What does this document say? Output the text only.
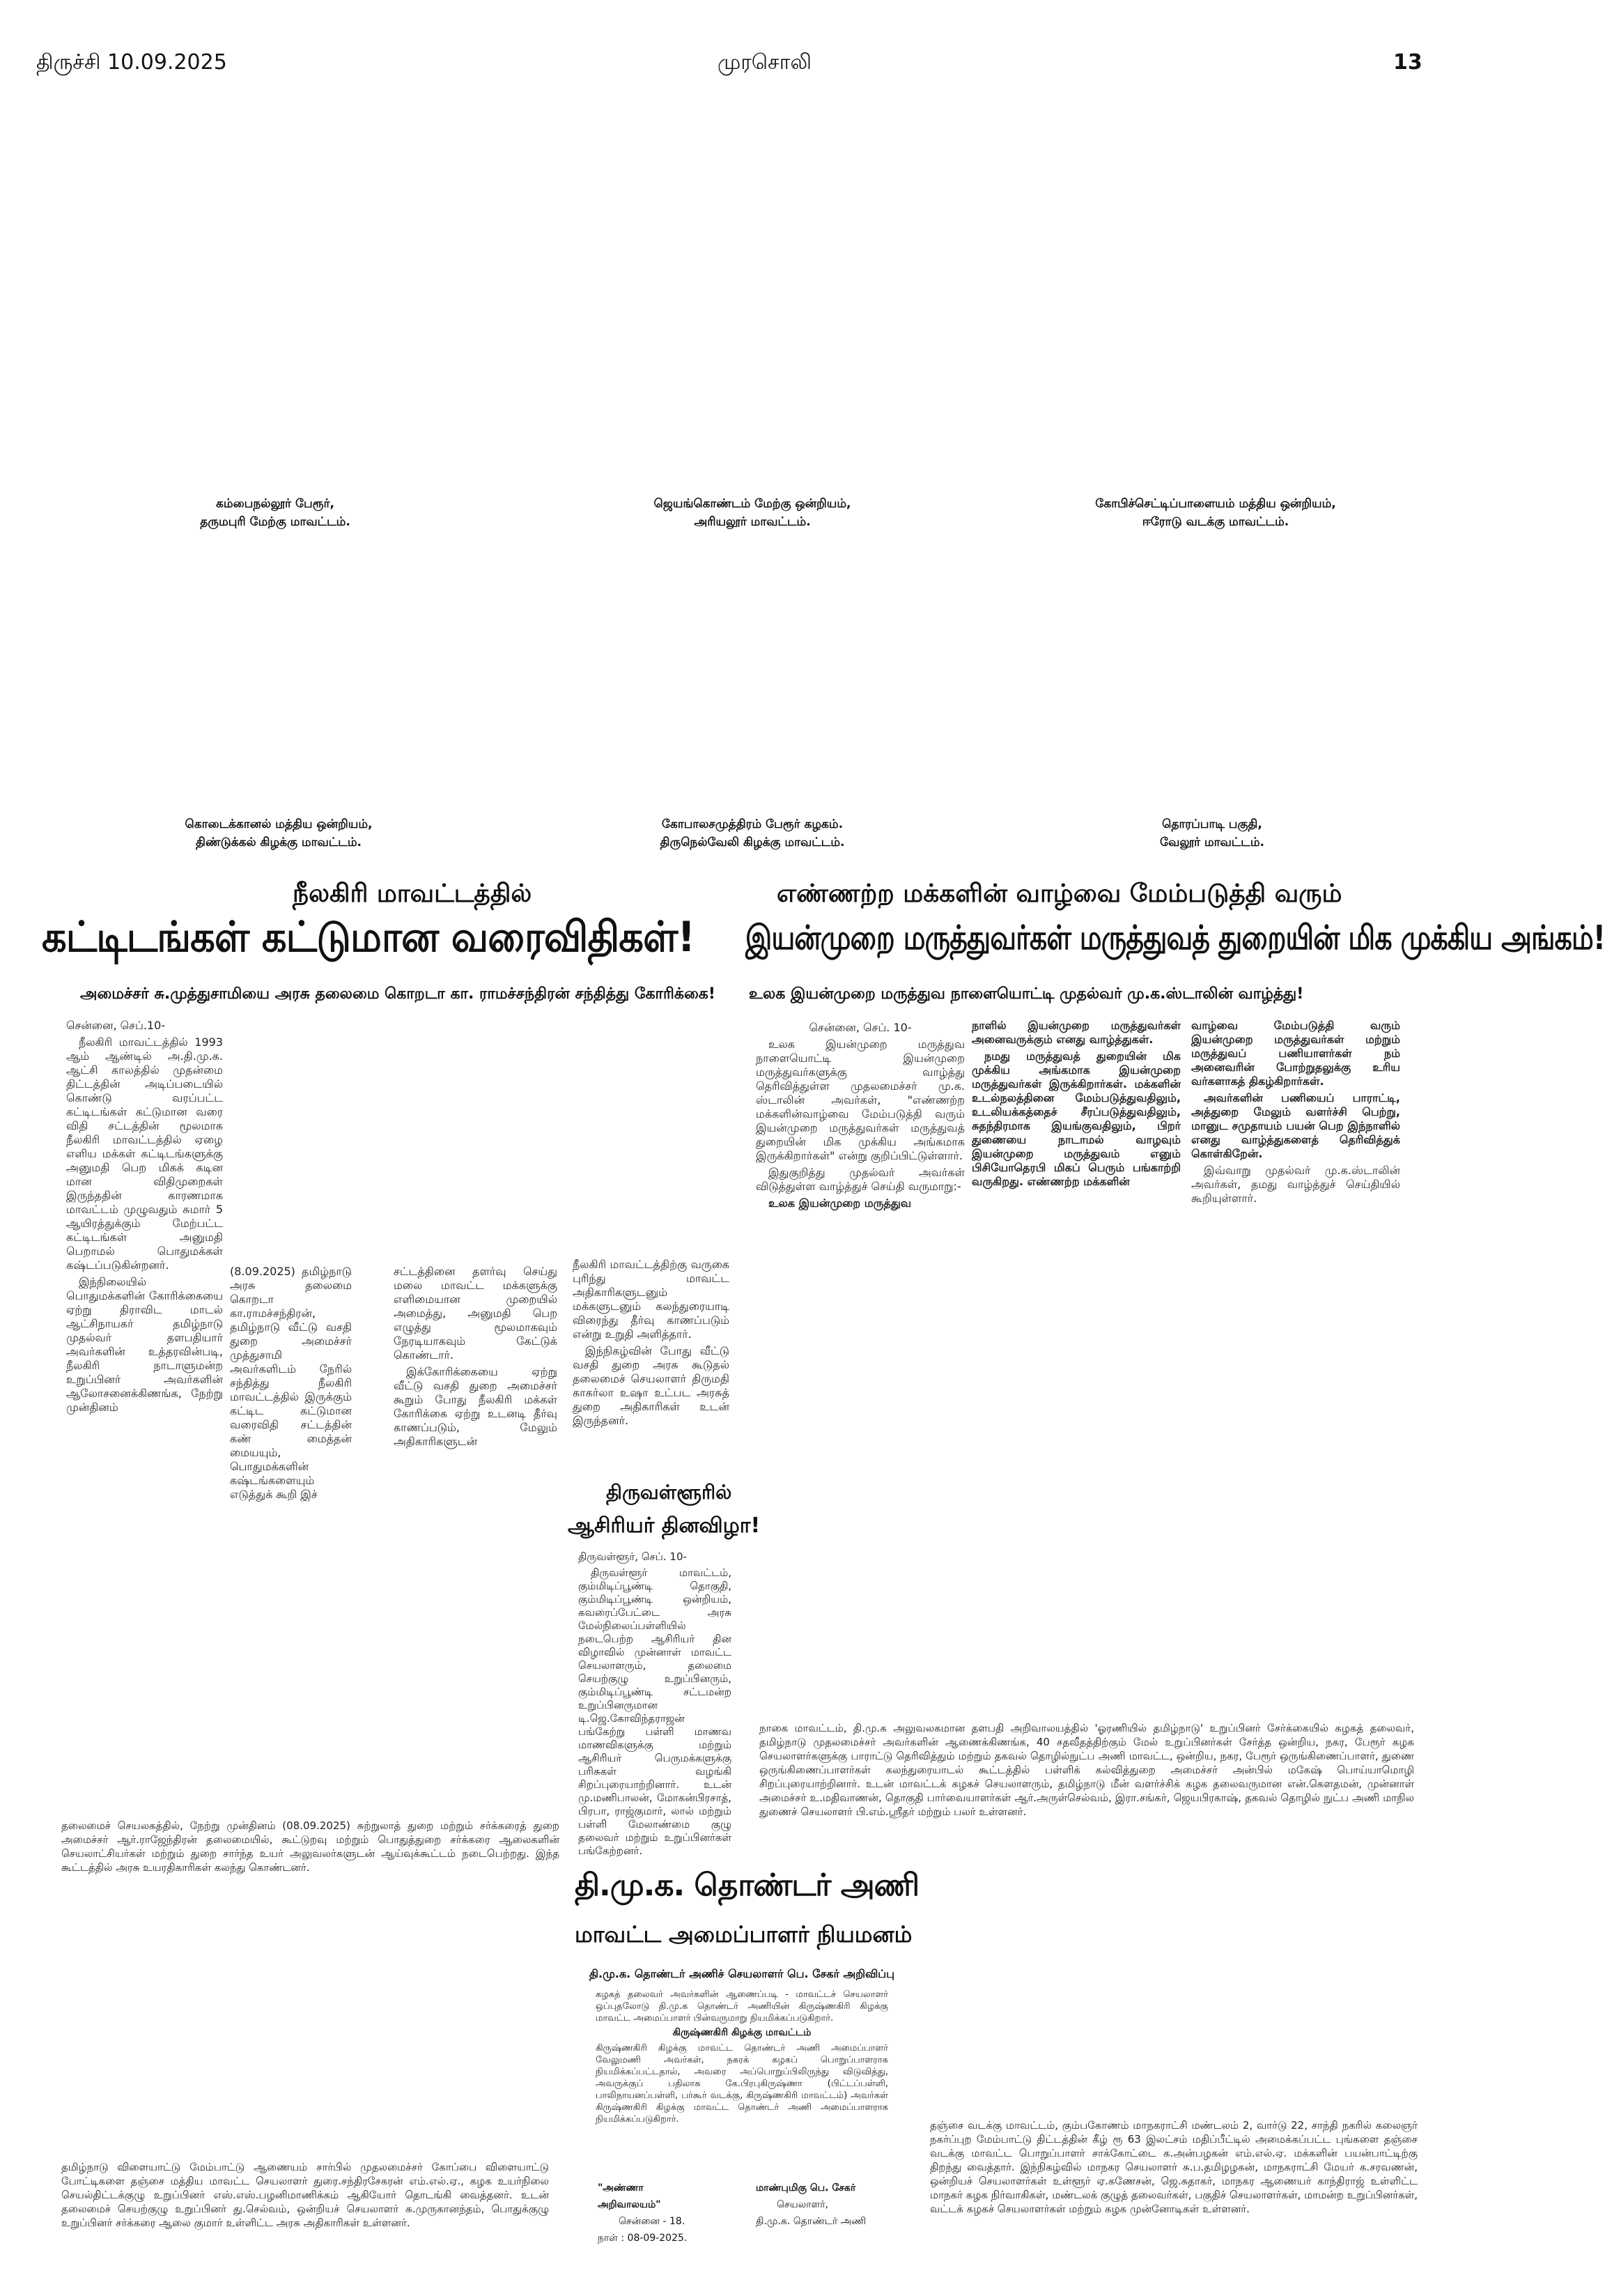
திருச்சி 10.09.2025	முரசொலி	13
கம்பைநல்லூர் பேரூர்,
தருமபுரி மேற்கு மாவட்டம்.
ஜெயங்கொண்டம் மேற்கு ஒன்றியம்,
அரியலூர் மாவட்டம்.
கோபிச்செட்டிப்பாளையம் மத்திய ஒன்றியம்,
ஈரோடு வடக்கு மாவட்டம்.
கொடைக்கானல் மத்திய ஒன்றியம்,
திண்டுக்கல் கிழக்கு மாவட்டம்.
கோபாலசமுத்திரம் பேரூர் கழகம்.
திருநெல்வேலி கிழக்கு மாவட்டம்.
தொரப்பாடி பகுதி,
வேலூர் மாவட்டம்.
நீலகிரி மாவட்டத்தில்
கட்டிடங்கள் கட்டுமான வரைவிதிகள்!
அமைச்சர் சு.முத்துசாமியை அரசு தலைமை கொறடா கா. ராமச்சந்திரன் சந்தித்து கோரிக்கை!

சென்னை, செப்.10-

நீலகிரி மாவட்டத்தில் 1993 ஆம் ஆண்டில் அ.தி.மு.க. ஆட்சி காலத்தில் முதன்மை திட்டத்தின் அடிப்படையில் கொண்டு வரப்பட்ட கட்டிடங்கள் கட்டுமான வரை விதி சட்டத்தின் மூலமாக நீலகிரி மாவட்டத்தில் ஏழை எளிய மக்கள் கட்டிடங்களுக்கு அனுமதி பெற மிகக் கடின மான விதிமுறைகள் இருந்ததின் காரணமாக மாவட்டம் முழுவதும் சுமார் 5 ஆயிரத்துக்கும் மேற்பட்ட கட்டிடங்கள் அனுமதி பெறாமல் பொதுமக்கள் கஷ்டப்படுகின்றனர்.

இந்நிலையில் பொதுமக்களின் கோரிக்கையை ஏற்று திராவிட மாடல் ஆட்சிநாயகர் தமிழ்நாடு முதல்வர் தளபதியார் அவர்களின் உத்தரவின்படி, நீலகிரி நாடாளுமன்ற உறுப்பினர் அவர்களின் ஆலோசனைக்கிணங்க, நேற்று முன்தினம்

(8.09.2025) தமிழ்நாடு அரசு தலைமை கொறடா கா.ராமச்சந்திரன், தமிழ்நாடு வீட்டு வசதி துறை அமைச்சர் முத்துசாமி அவர்களிடம் நேரில் சந்தித்து நீலகிரி மாவட்டத்தில் இருக்கும் கட்டிட கட்டுமான வரைவிதி சட்டத்தின் கண் மைத்தன் மையயும், பொதுமக்களின் கஷ்டங்களையும் எடுத்துக் கூறி இச்

சட்டத்தினை தளர்வு செய்து மலை மாவட்ட மக்களுக்கு எளிமையான முறையில் அமைத்து, அனுமதி பெற எழுத்து மூலமாகவும் நேரடியாகவும் கேட்டுக் கொண்டார்.

இக்கோரிக்கையை ஏற்று வீட்டு வசதி துறை அமைச்சர் கூறும் போது நீலகிரி மக்கள் கோரிக்கை ஏற்று உடனடி தீர்வு காணப்படும், மேலும் அதிகாரிகளுடன்

நீலகிரி மாவட்டத்திற்கு வருகை புரிந்து மாவட்ட அதிகாரிகளுடனும் மக்களுடனும் கலந்துரையாடி விரைந்து தீர்வு காணப்படும் என்று உறுதி அளித்தார்.

இந்நிகழ்வின் போது வீட்டு வசதி துறை அரசு கூடுதல் தலைமைச் செயலாளர் திருமதி காகர்லா உஷா உட்பட அரசுத் துறை அதிகாரிகள் உடன் இருந்தனர்.

எண்ணற்ற மக்களின் வாழ்வை மேம்படுத்தி வரும்
இயன்முறை மருத்துவர்கள் மருத்துவத் துறையின் மிக முக்கிய அங்கம்!
உலக இயன்முறை மருத்துவ நாளையொட்டி முதல்வர் மு.க.ஸ்டாலின் வாழ்த்து!

சென்னை, செப். 10-

உலக இயன்முறை மருத்துவ நாளையொட்டி இயன்முறை மருத்துவர்களுக்கு வாழ்த்து தெரிவித்துள்ள முதலமைச்சர் மு.க. ஸ்டாலின் அவர்கள், "எண்ணற்ற மக்களின்வாழ்வை மேம்படுத்தி வரும் இயன்முறை மருத்துவர்கள் மருத்துவத் துறையின் மிக முக்கிய அங்கமாக இருக்கிறார்கள்" என்று குறிப்பிட்டுள்ளார்.

இதுகுறித்து முதல்வர் அவர்கள் விடுத்துள்ள வாழ்த்துச் செய்தி வருமாறு:-

உலக இயன்முறை மருத்துவ

நாளில் இயன்முறை மருத்துவர்கள் அனைவருக்கும் எனது வாழ்த்துகள்.

நமது மருத்துவத் துறையின் மிக முக்கிய அங்கமாக இயன்முறை மருத்துவர்கள் இருக்கிறார்கள். மக்களின் உடல்நலத்தினை மேம்படுத்துவதிலும், உடலியக்கத்தைச் சீரப்படுத்துவதிலும், சுதந்திரமாக இயங்குவதிலும், பிறர் துணையை நாடாமல் வாழவும் இயன்முறை மருத்துவம் எனும் பிசியோதெரபி மிகப் பெரும் பங்காற்றி வருகிறது. எண்ணற்ற மக்களின்

வாழ்வை மேம்படுத்தி வரும் இயன்முறை மருத்துவர்கள் மற்றும் மருத்துவப் பணியாளர்கள் நம் அனைவரின் போற்றுதலுக்கு உரிய வர்களாகத் திகழ்கிறார்கள்.

அவர்களின் பணியைப் பாராட்டி, அத்துறை மேலும் வளர்ச்சி பெற்று, மானுட சமுதாயம் பயன் பெற இந்நாளில் எனது வாழ்த்துகளைத் தெரிவித்துக் கொள்கிறேன்.

இவ்வாறு முதல்வர் மு.க.ஸ்டாலின் அவர்கள், தமது வாழ்த்துச் செய்தியில் கூறியுள்ளார்.

திருவள்ளூரில்
ஆசிரியர் தினவிழா!

திருவள்ளூர், செப். 10-

திருவள்ளூர் மாவட்டம், கும்மிடிப்பூண்டி தொகுதி, கும்மிடிப்பூண்டி ஒன்றியம், கவரைப்பேட்டை அரசு மேல்நிலைப்பள்ளியில் நடைபெற்ற ஆசிரியர் தின விழாவில் முன்னாள் மாவட்ட செயலாளரும், தலைமை செயற்குழு உறுப்பினரும், கும்மிடிப்பூண்டி சட்டமன்ற உறுப்பினருமான டி.ஜெ.கோவிந்தராஜன் பங்கேற்று பள்ளி மாணவ மாணவிகளுக்கு மற்றும் ஆசிரியர் பெருமக்களுக்கு பரிசுகள் வழங்கி சிறப்புரையாற்றினார். உடன் மு.மணிபாலன், மோகன்பிரசாத், பிரபா, ராஜ்குமார், லால் மற்றும் பள்ளி மேலாண்மை குழு தலைவர் மற்றும் உறுப்பினர்கள் பங்கேற்றனர்.

தலைமைச் செயலகத்தில், நேற்று முன்தினம் (08.09.2025) சுற்றுலாத் துறை மற்றும் சர்க்கரைத் துறை அமைச்சர் ஆர்.ராஜேந்திரன் தலைமையில், கூட்டுறவு மற்றும் பொதுத்துறை சர்க்கரை ஆலைகளின் செயலாட்சியர்கள் மற்றும் துறை சார்ந்த உயர் அலுவலர்களுடன் ஆய்வுக்கூட்டம் நடைபெற்றது. இந்த கூட்டத்தில் அரசு உயரதிகாரிகள் கலந்து கொண்டனர்.
நாகை மாவட்டம், தி.மு.க அலுவலகமான தளபதி அறிவாலயத்தில் 'ஓரணியில் தமிழ்நாடு' உறுப்பினர் சேர்க்கையில் கழகத் தலைவர், தமிழ்நாடு முதலமைச்சர் அவர்களின் ஆணைக்கிணங்க, 40 சதவீதத்திற்கும் மேல் உறுப்பினர்கள் சேர்த்த ஒன்றிய, நகர, பேரூர் கழக செயலாளர்களுக்கு பாராட்டு தெரிவித்தும் மற்றும் தகவல் தொழில்நுட்ப அணி மாவட்ட, ஒன்றிய, நகர, பேரூர் ஒருங்கிணைப்பாளர், துணை ஒருங்கிணைப்பாளர்கள் கலந்துரையாடல் கூட்டத்தில் பள்ளிக் கல்வித்துறை அமைச்சர் அன்பில் மகேஷ் பொய்யாமொழி சிறப்புரையாற்றினார். உடன் மாவட்டக் கழகச் செயலாளரும், தமிழ்நாடு மீன் வளர்ச்சிக் கழக தலைவருமான என்.கௌதமன், முன்னாள் அமைச்சர் உ.மதிவாணன், தொகுதி பார்வையாளர்கள் ஆர்.அருள்செல்வம், இரா.சங்கர், ஜெயபிரகாஷ், தகவல் தொழில் நுட்ப அணி மாநில துணைச் செயலாளர் பி.எம்.ஸ்ரீதர் மற்றும் பலர் உள்ளனர்.
தி.மு.க. தொண்டர் அணி
மாவட்ட அமைப்பாளர் நியமனம்
தி.மு.க. தொண்டர் அணிச் செயலாளர் பெ. சேகர் அறிவிப்பு
கழகத் தலைவர் அவர்களின் ஆணைப்படி - மாவட்டச் செயலாளர் ஒப்புதலோடு தி.மு.க தொண்டர் அணியின் கிருஷ்ணகிரி கிழக்கு மாவட்ட அமைப்பாளர் பின்வருமாறு நியமிக்கப்படுகிறார்.
கிருஷ்ணகிரி கிழக்கு மாவட்டம்
கிருஷ்ணகிரி கிழக்கு மாவட்ட தொண்டர் அணி அமைப்பாளர் வேலுமணி அவர்கள், நகரக் கழகப் பொறுப்பாளராக நியமிக்கப்பட்டதால், அவரை அப்பொறுப்பிலிருந்து விடுவித்து, அவருக்குப் பதிலாக கே.பிரபுகிருஷ்ணா (பிட்டப்பள்ளி, பாலிநாயனப்பள்ளி, பர்கூர் வடக்கு, கிருஷ்ணகிரி மாவட்டம்) அவர்கள் கிருஷ்ணகிரி கிழக்கு மாவட்ட தொண்டர் அணி அமைப்பாளராக நியமிக்கப்படுகிறார்.
"அண்ணா அறிவாலயம்"
சென்னை - 18.
நாள் : 08-09-2025.
மாண்புமிகு பெ. சேகர்
செயலாளர்,
தி.மு.க. தொண்டர் அணி
தமிழ்நாடு விளையாட்டு மேம்பாட்டு ஆணையம் சார்பில் முதலமைச்சர் கோப்பை விளையாட்டு போட்டிகளை தஞ்சை மத்திய மாவட்ட செயலாளர் துரை.சந்திரசேகரன் எம்.எல்.ஏ., கழக உயர்நிலை செயல்திட்டக்குழு உறுப்பினர் எஸ்.எஸ்.பழனிமாணிக்கம் ஆகியோர் தொடங்கி வைத்தனர். உடன் தலைமைச் செயற்குழு உறுப்பினர் து.செல்வம், ஒன்றியச் செயலாளர் சு.முருகானந்தம், பொதுக்குழு உறுப்பினர் சர்க்கரை ஆலை குமார் உள்ளிட்ட அரசு அதிகாரிகள் உள்ளனர்.
தஞ்சை வடக்கு மாவட்டம், கும்பகோணம் மாநகராட்சி மண்டலம் 2, வார்டு 22, சாந்தி நகரில் கலைஞர் நகர்ப்புற மேம்பாட்டு திட்டத்தின் கீழ் ரூ 63 இலட்சம் மதிப்பீட்டில் அமைக்கப்பட்ட புங்களை தஞ்சை வடக்கு மாவட்ட பொறுப்பாளர் சாக்கோட்டை க.அன்பழகன் எம்.எல்.ஏ. மக்களின் பயன்பாட்டிற்கு திறந்து வைத்தார். இந்நிகழ்வில் மாநகர செயலாளர் சு.ப.தமிழழகன், மாநகராட்சி மேயர் க.சரவணன், ஒன்றியச் செயலாளர்கள் உள்ளூர் ஏ.கணேசன், ஜெ.சுதாகர், மாநகர ஆணையர் காந்திராஜ் உள்ளிட்ட மாநகர் கழக நிர்வாகிகள், மண்டலக் குழுத் தலைவர்கள், பகுதிச் செயலாளர்கள், மாமன்ற உறுப்பினர்கள், வட்டக் கழகச் செயலாளர்கள் மற்றும் கழக முன்னோடிகள் உள்ளனர்.
